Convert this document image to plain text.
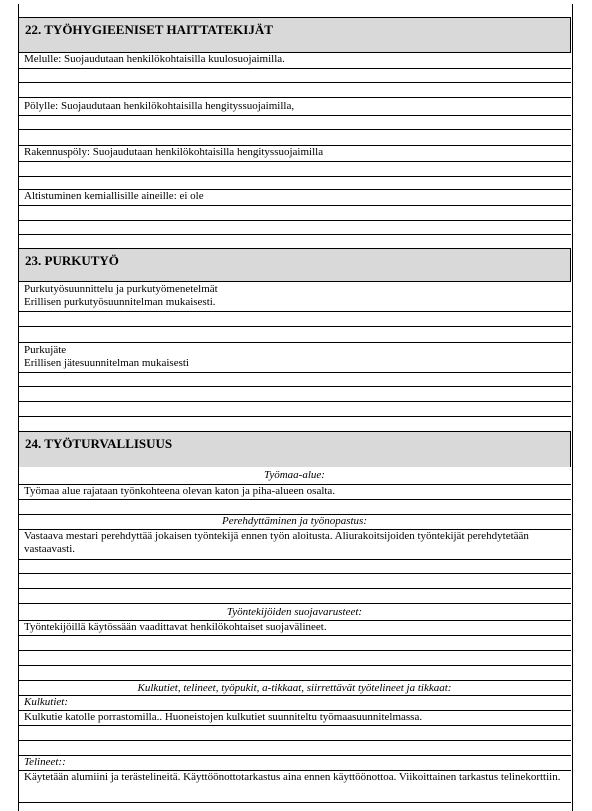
22. TYÖHYGIEENISET HAITTATEKIJÄT
Melulle: Suojaudutaan henkilökohtaisilla kuulosuojaimilla.
Pölylle: Suojaudutaan henkilökohtaisilla hengityssuojaimilla,
Rakennuspöly: Suojaudutaan henkilökohtaisilla hengityssuojaimilla
Altistuminen kemiallisille aineille: ei ole
23. PURKUTYÖ
Purkutyösuunnittelu ja purkutyömenetelmät
Erillisen purkutyösuunnitelman mukaisesti.
Purkujäte
Erillisen jätesuunnitelman mukaisesti
24. TYÖTURVALLISUUS
Työmaa-alue:
Työmaa alue rajataan työnkohteena olevan katon ja piha-alueen osalta.
Perehdyttäminen ja työnopastus:
Vastaava mestari perehdyttää jokaisen työntekijä ennen työn aloitusta. Aliurakoitsijoiden työntekijät perehdytetään vastaavasti.
Työntekijöiden suojavarusteet:
Työntekijöillä käytössään vaadittavat henkilökohtaiset suojavälineet.
Kulkutiet, telineet, työpukit, a-tikkaat, siirrettävät työtelineet ja tikkaat:
Kulkutiet:
Kulkutie katolle porrastomilla.. Huoneistojen kulkutiet suunniteltu työmaasuunnitelmassa.
Telineet::
Käytetään alumiini ja terästelineitä. Käyttöönottotarkastus aina ennen käyttöönottoa. Viikoittainen tarkastus telinekorttiin.
